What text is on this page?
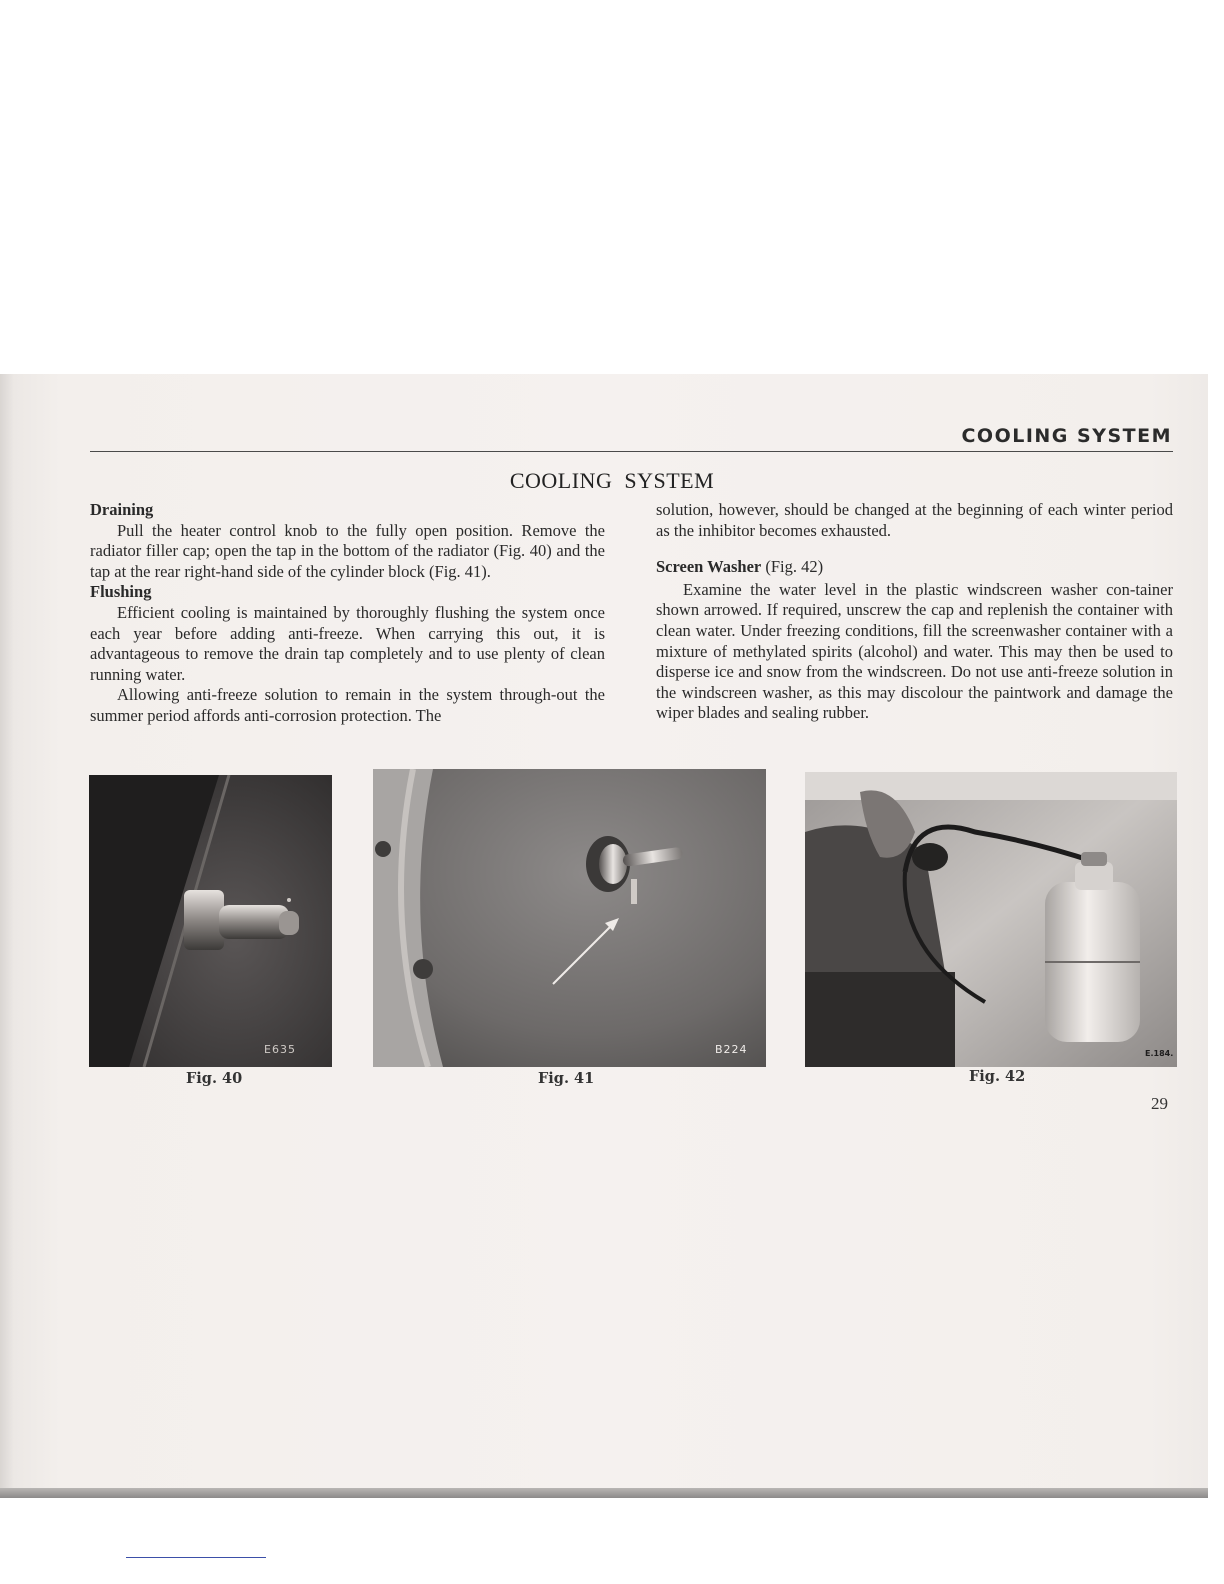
COOLING SYSTEM
COOLING  SYSTEM
Draining

Pull the heater control knob to the fully open position. Remove the radiator filler cap; open the tap in the bottom of the radiator (Fig. 40) and the tap at the rear right-hand side of the cylinder block (Fig. 41).

Flushing

Efficient cooling is maintained by thoroughly flushing the system once each year before adding anti-freeze. When carrying this out, it is advantageous to remove the drain tap completely and to use plenty of clean running water.

Allowing anti-freeze solution to remain in the system through-out the summer period affords anti-corrosion protection. The

solution, however, should be changed at the beginning of each winter period as the inhibitor becomes exhausted.

Screen Washer (Fig. 42)

Examine the water level in the plastic windscreen washer con-tainer shown arrowed. If required, unscrew the cap and replenish the container with clean water. Under freezing conditions, fill the screenwasher container with a mixture of methylated spirits (alcohol) and water. This may then be used to disperse ice and snow from the windscreen. Do not use anti-freeze solution in the windscreen washer, as this may discolour the paintwork and damage the wiper blades and sealing rubber.

E635
Fig. 40
B224
Fig. 41
E.184.
Fig. 42
29
